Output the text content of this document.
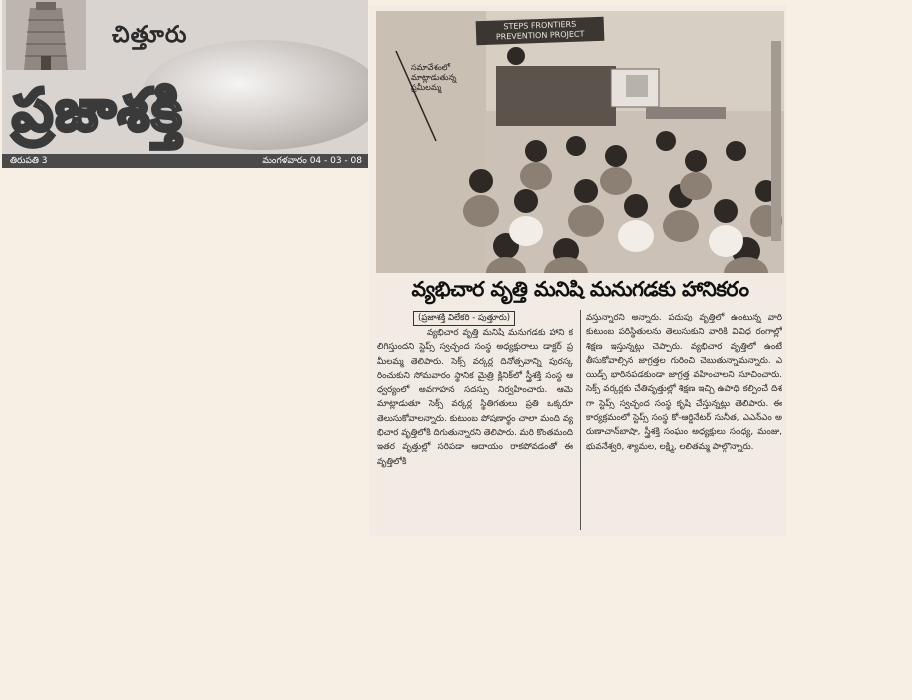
చిత్తూరు
ప్రజాశక్తి
తిరుపతి 3	మంగళవారం 04 - 03 - 08
STEPS FRONTIERS PREVENTION PROJECT
సమావేశంలో మాట్లాడుతున్న ప్రమీలమ్మ
వ్యభిచార వృత్తి మనిషి మనుగడకు హానికరం
(ప్రజాశక్తి విలేకరి - పుత్తూరు)
వ్యభిచార వృత్తి మనిషి మనుగడకు హాని కలిగిస్తుందని స్టెప్స్ స్వచ్ఛంద సంస్థ అధ్యక్షురాలు డాక్టర్ ప్రమీలమ్మ తెలిపారు. సెక్స్ వర్కర్ల దినోత్సవాన్ని పురస్కరించుకుని సోమవారం స్థానిక మైత్రి క్లినిక్‌లో స్త్రీశక్తి సంస్థ ఆధ్వర్యంలో అవగాహన సదస్సు నిర్వహించారు. ఆమె మాట్లాడుతూ సెక్స్ వర్కర్ల స్థితిగతులు ప్రతి ఒక్కరూ తెలుసుకోవాలన్నారు. కుటుంబ పోషణార్థం చాలా మంది వ్యభిచార వృత్తిలోకి దిగుతున్నారని తెలిపారు. మరి కొంతమంది ఇతర వృత్తుల్లో సరిపడా ఆదాయం రాకపోవడంతో ఈ వృత్తిలోకి
వస్తున్నారని అన్నారు. పదుపు వృత్తిలో ఉంటున్న వారి కుటుంబ పరిస్థితులను తెలుసుకుని వారికి వివిధ రంగాల్లో శిక్షణ ఇస్తున్నట్లు చెప్పారు. వ్యభిచార వృత్తిలో ఉంటే తీసుకోవాల్సిన జాగ్రత్తల గురించి చెబుతున్నామన్నారు. ఎయిడ్స్ భారినపడకుండా జాగ్రత్త వహించాలని సూచించారు. సెక్స్ వర్కర్లకు చేతివృత్తుల్లో శిక్షణ ఇచ్చి ఉపాధి కల్పించే దిశగా స్టెప్స్ స్వచ్ఛంద సంస్థ కృషి చేస్తున్నట్లు తెలిపారు. ఈ కార్యక్రమంలో స్టెప్స్ సంస్థ కో-ఆర్డినేటర్ సునీత, ఎఎన్ఎం అరుణాచాన్‌బాషా, స్త్రీశక్తి సంఘం అధ్యక్షులు సంధ్య, మంజు, భువనేశ్వరి, శ్యామల, లక్ష్మి, లలితమ్మ పాల్గొన్నారు.
